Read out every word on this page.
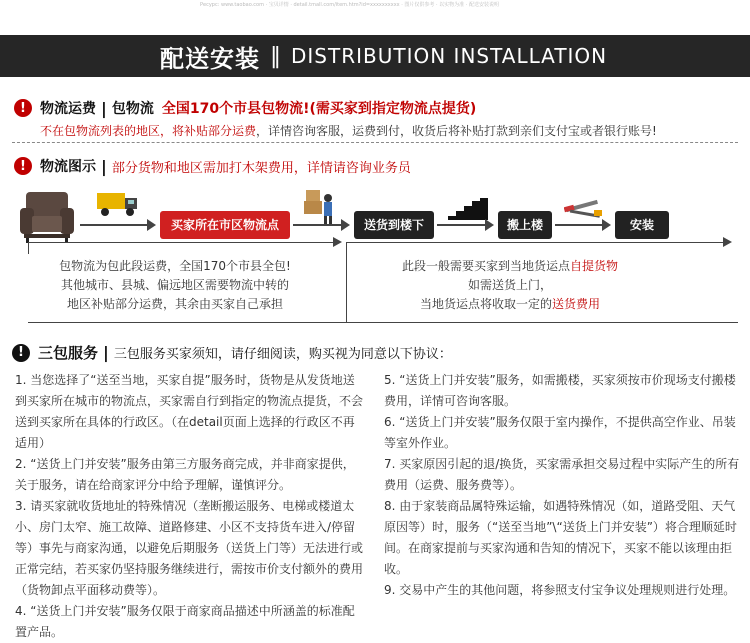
Ресурс: www.taobao.com · 宝贝详情 · detail.tmall.com/item.htm?id=xxxxxxxxxx · 图片仅供参考 · 以实物为准 · 配送安装说明
配送安装 ‖ DISTRIBUTION INSTALLATION
!	物流运费 | 包物流 全国170个市县包物流!(需买家到指定物流点提货)
不在包物流列表的地区，将补贴部分运费，详情咨询客服，运费到付，收货后将补贴打款到亲们支付宝或者银行账号!
!	物流图示 | 部分货物和地区需加打木架费用，详情请咨询业务员
买家所在市区物流点	送货到楼下	搬上楼	安装
包物流为包此段运费，全国170个市县全包!
其他城市、县城、偏远地区需要物流中转的
地区补贴部分运费，其余由买家自己承担
此段一般需要买家到当地货运点自提货物
如需送货上门，
当地货运点将收取一定的送货费用
! 三包服务 | 三包服务买家须知，请仔细阅读，购买视为同意以下协议：

1. 当您选择了“送至当地，买家自提”服务时，货物是从发货地送到买家所在城市的物流点，买家需自行到指定的物流点提货，不会送到买家所在具体的行政区。（在detail页面上选择的行政区不再适用）

2. “送货上门并安装”服务由第三方服务商完成，并非商家提供，关于服务，请在给商家评分中给予理解，谨慎评分。

3. 请买家就收货地址的特殊情况（垄断搬运服务、电梯或楼道太小、房门太窄、施工故障、道路修建、小区不支持货车进入/停留等）事先与商家沟通，以避免后期服务（送货上门等）无法进行或正常完结，若买家仍坚持服务继续进行，需按市价支付额外的费用（货物卸点平面移动费等）。

4. “送货上门并安装”服务仅限于商家商品描述中所涵盖的标准配置产品。

5. “送货上门并安装”服务，如需搬楼，买家须按市价现场支付搬楼费用，详情可咨询客服。

6. “送货上门并安装”服务仅限于室内操作，不提供高空作业、吊装等室外作业。

7. 买家原因引起的退/换货，买家需承担交易过程中实际产生的所有费用（运费、服务费等）。

8. 由于家装商品属特殊运输，如遇特殊情况（如，道路受阻、天气原因等）时，服务（“送至当地”\“送货上门并安装”）将合理顺延时间。在商家提前与买家沟通和告知的情况下，买家不能以该理由拒收。

9. 交易中产生的其他问题，将参照支付宝争议处理规则进行处理。
